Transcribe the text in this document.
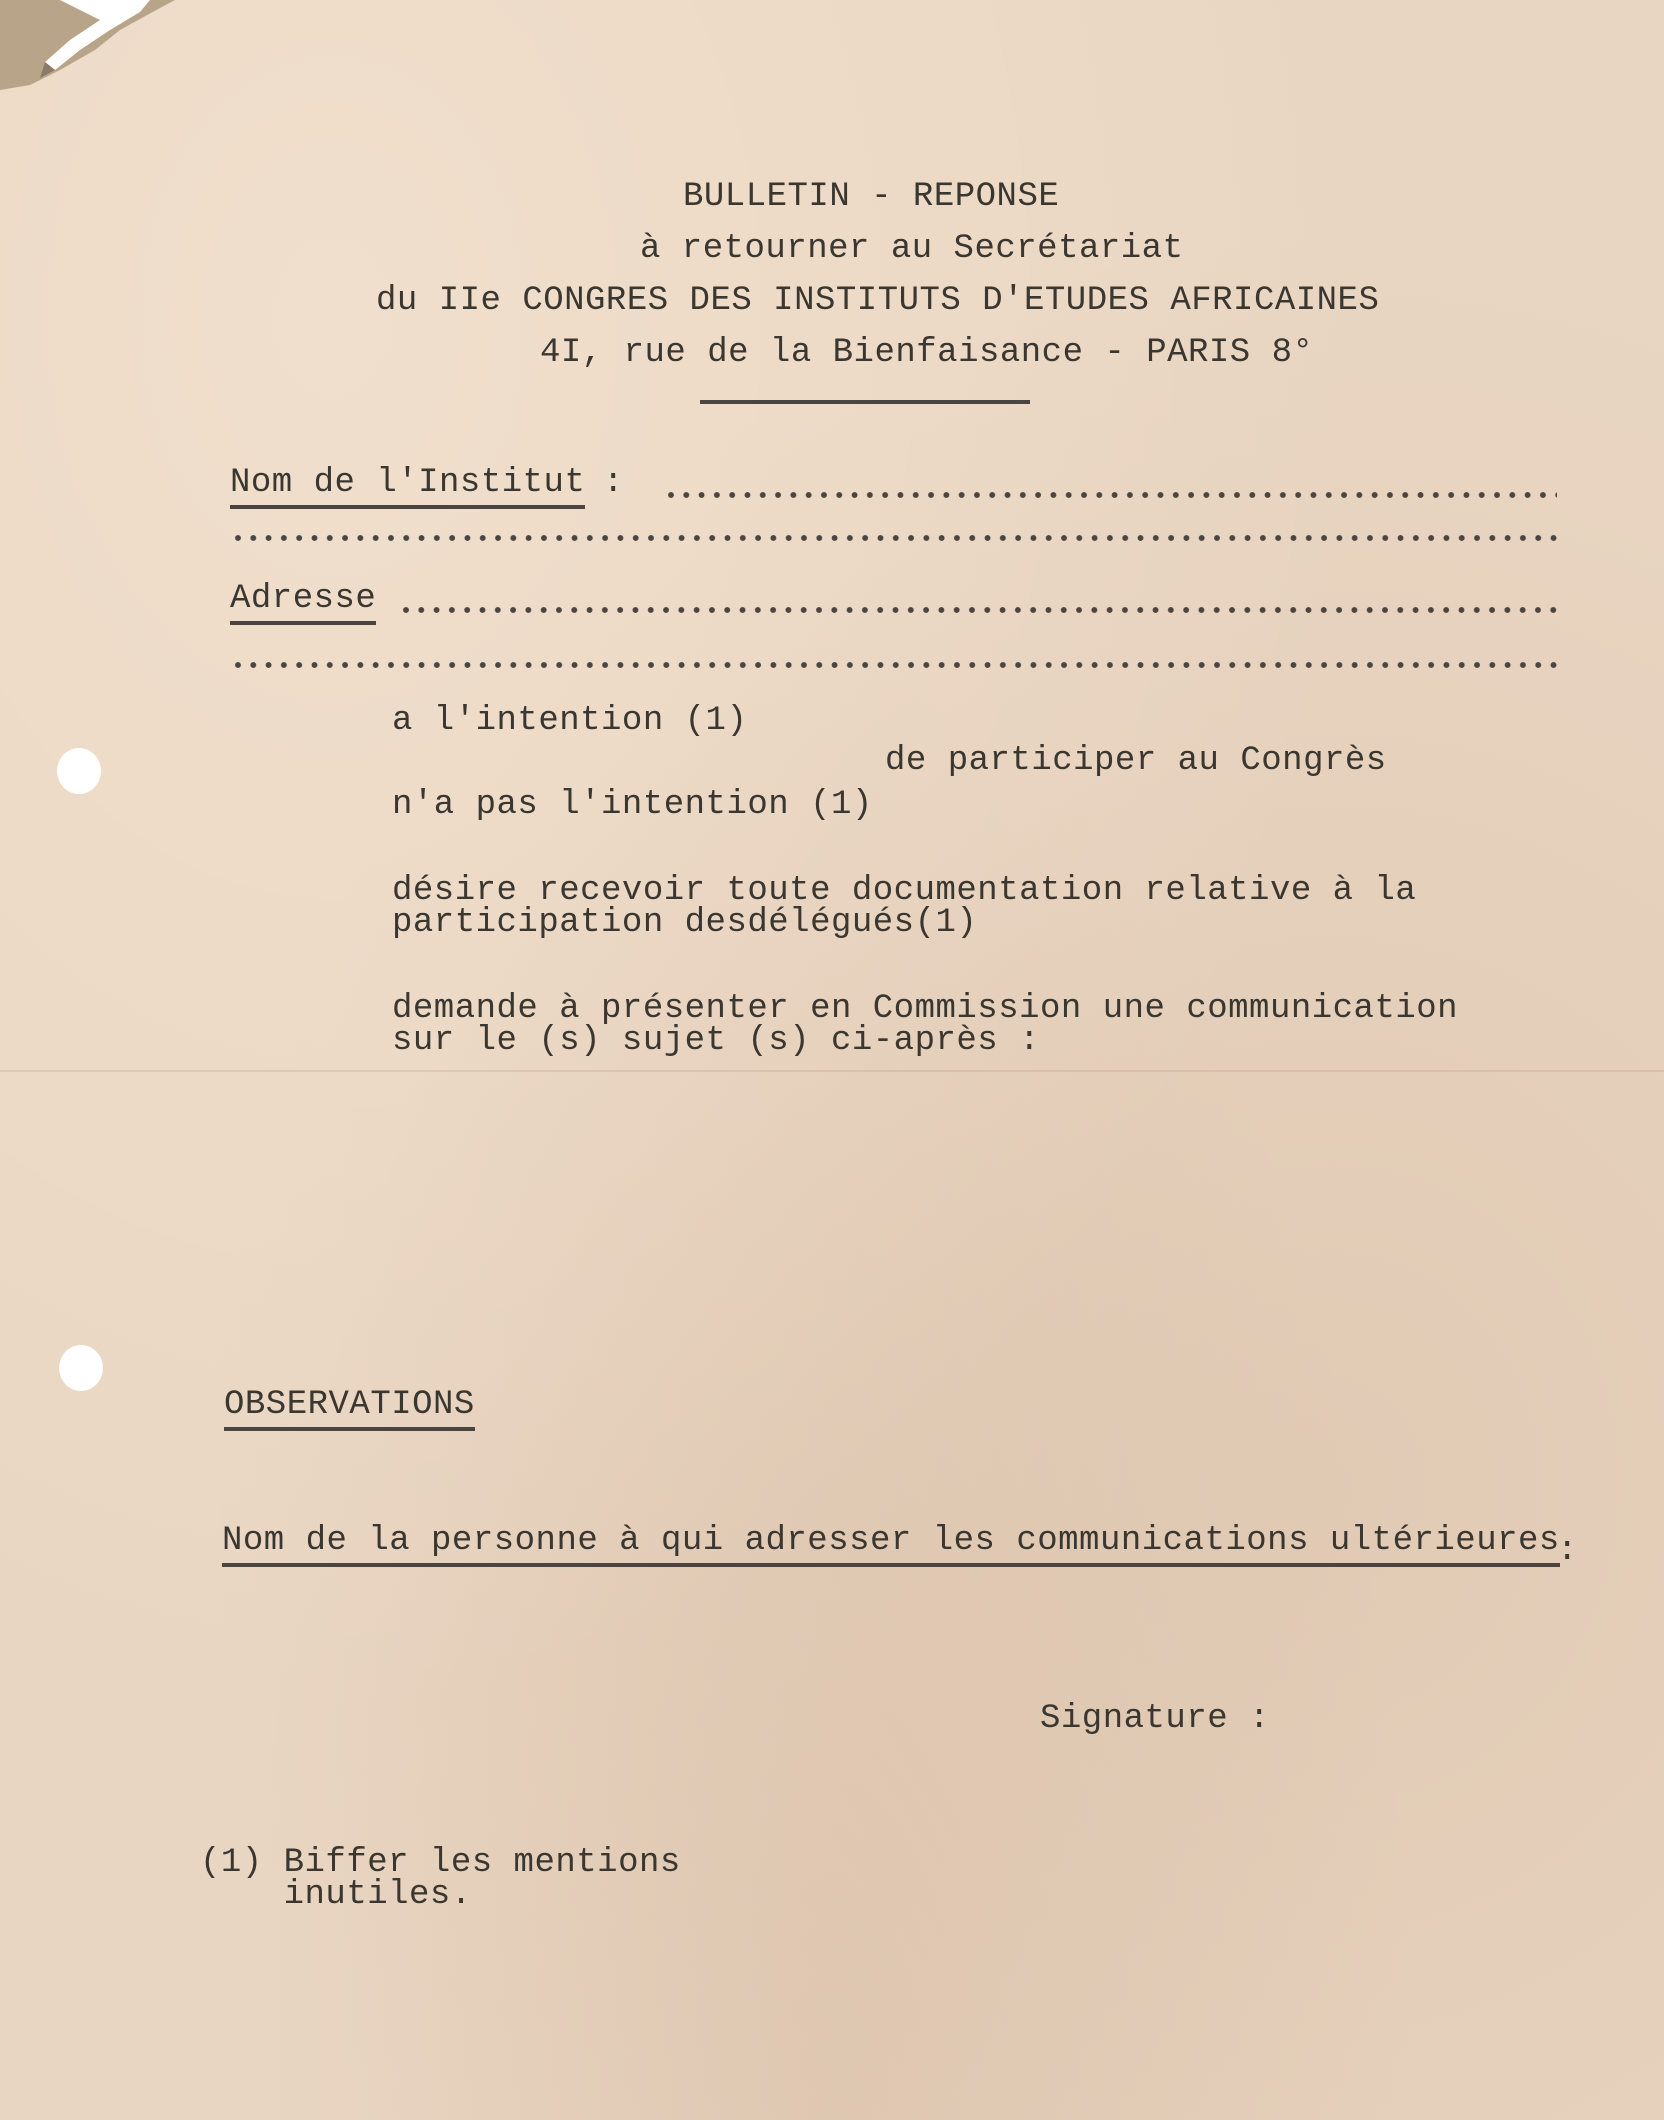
BULLETIN - REPONSE
à retourner au Secrétariat
du IIe CONGRES DES INSTITUTS D'ETUDES AFRICAINES
4I, rue de la Bienfaisance - PARIS 8°
Nom de l'Institut :
Adresse
a l'intention (1)
de participer au Congrès
n'a pas l'intention (1)
désire recevoir toute documentation relative à la
participation desdélégués(1)
demande à présenter en Commission une communication
sur le (s) sujet (s) ci-après :
OBSERVATIONS
Nom de la personne à qui adresser les communications ultérieures
:
Signature :
(1) Biffer les mentions
inutiles.
